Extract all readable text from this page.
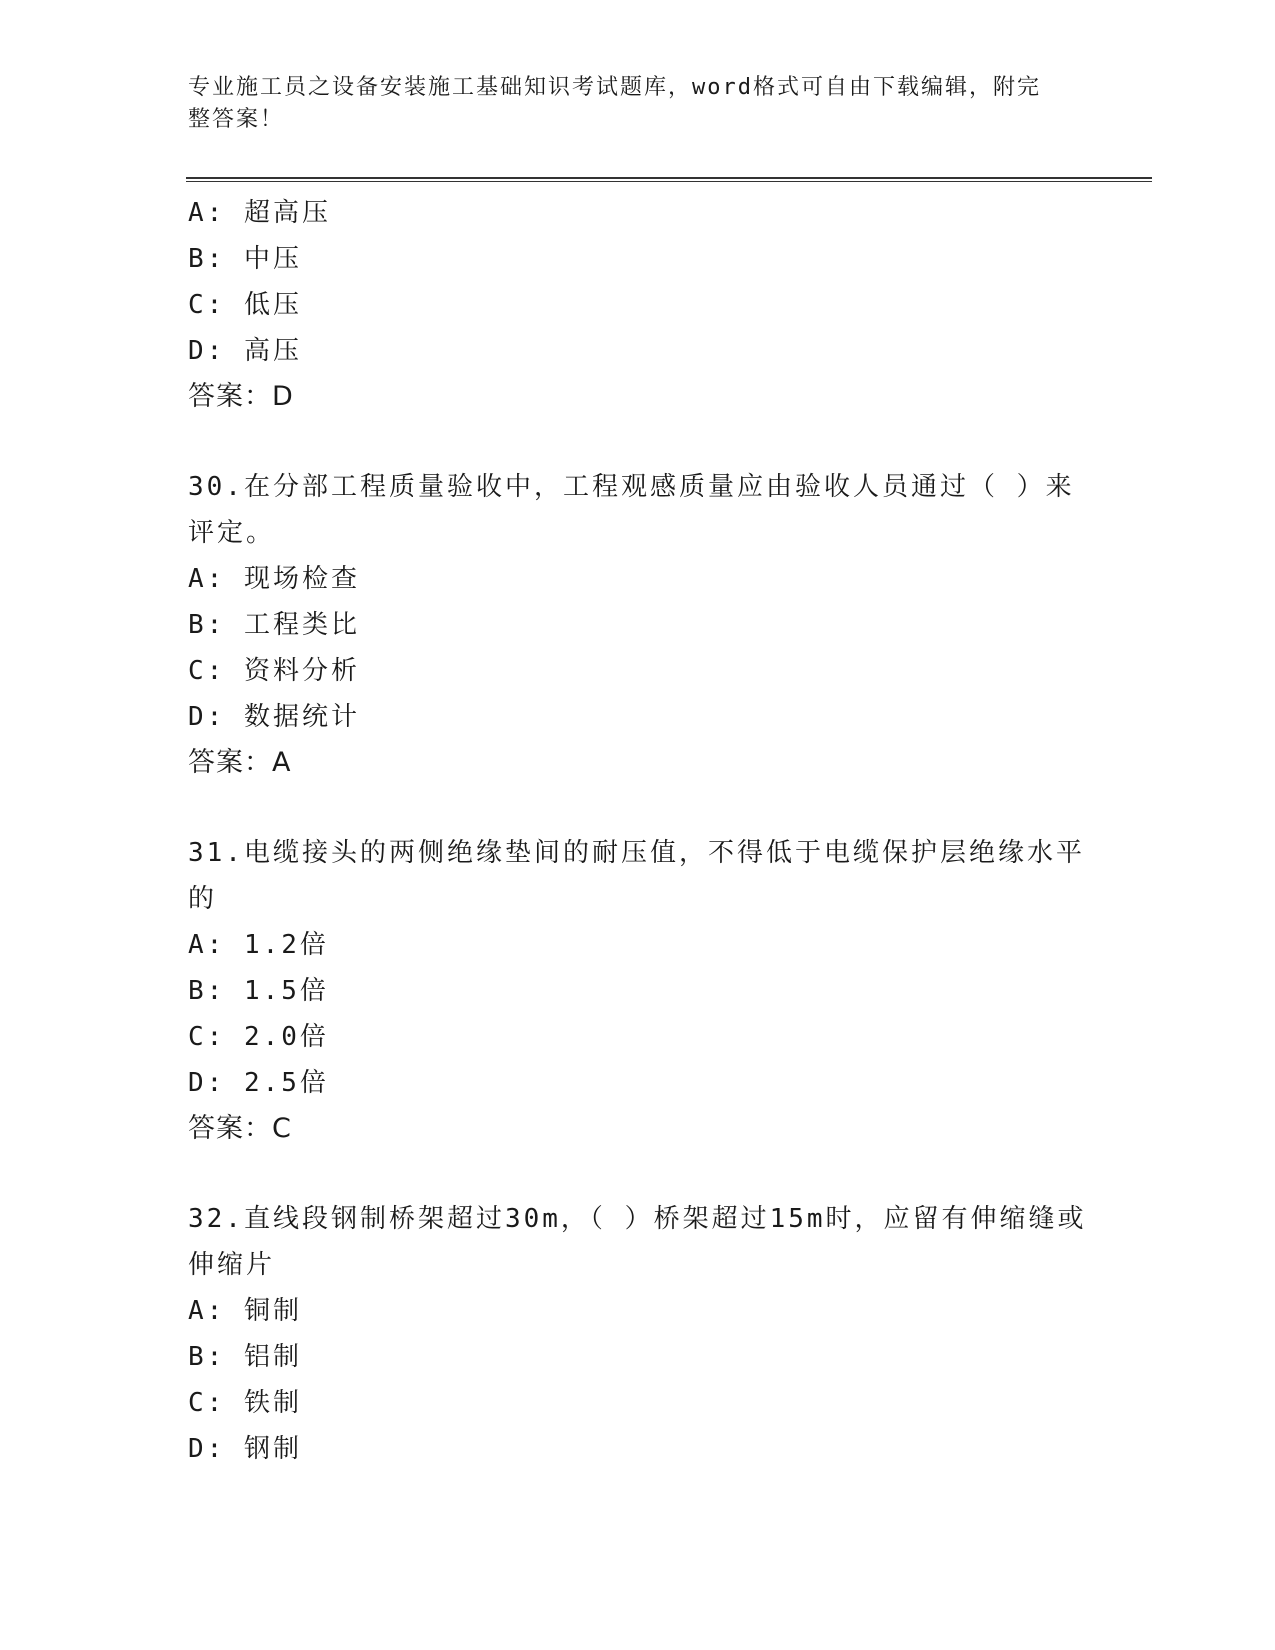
专业施工员之设备安装施工基础知识考试题库，word格式可自由下载编辑，附完
整答案！
A: 超高压
B: 中压
C: 低压
D: 高压
答案：D
30.在分部工程质量验收中，工程观感质量应由验收人员通过（ ）来
评定。
A: 现场检查
B: 工程类比
C: 资料分析
D: 数据统计
答案：A
31.电缆接头的两侧绝缘垫间的耐压值，不得低于电缆保护层绝缘水平
的
A: 1.2倍
B: 1.5倍
C: 2.0倍
D: 2.5倍
答案：C
32.直线段钢制桥架超过30m，（ ）桥架超过15m时，应留有伸缩缝或
伸缩片
A: 铜制
B: 铝制
C: 铁制
D: 钢制
